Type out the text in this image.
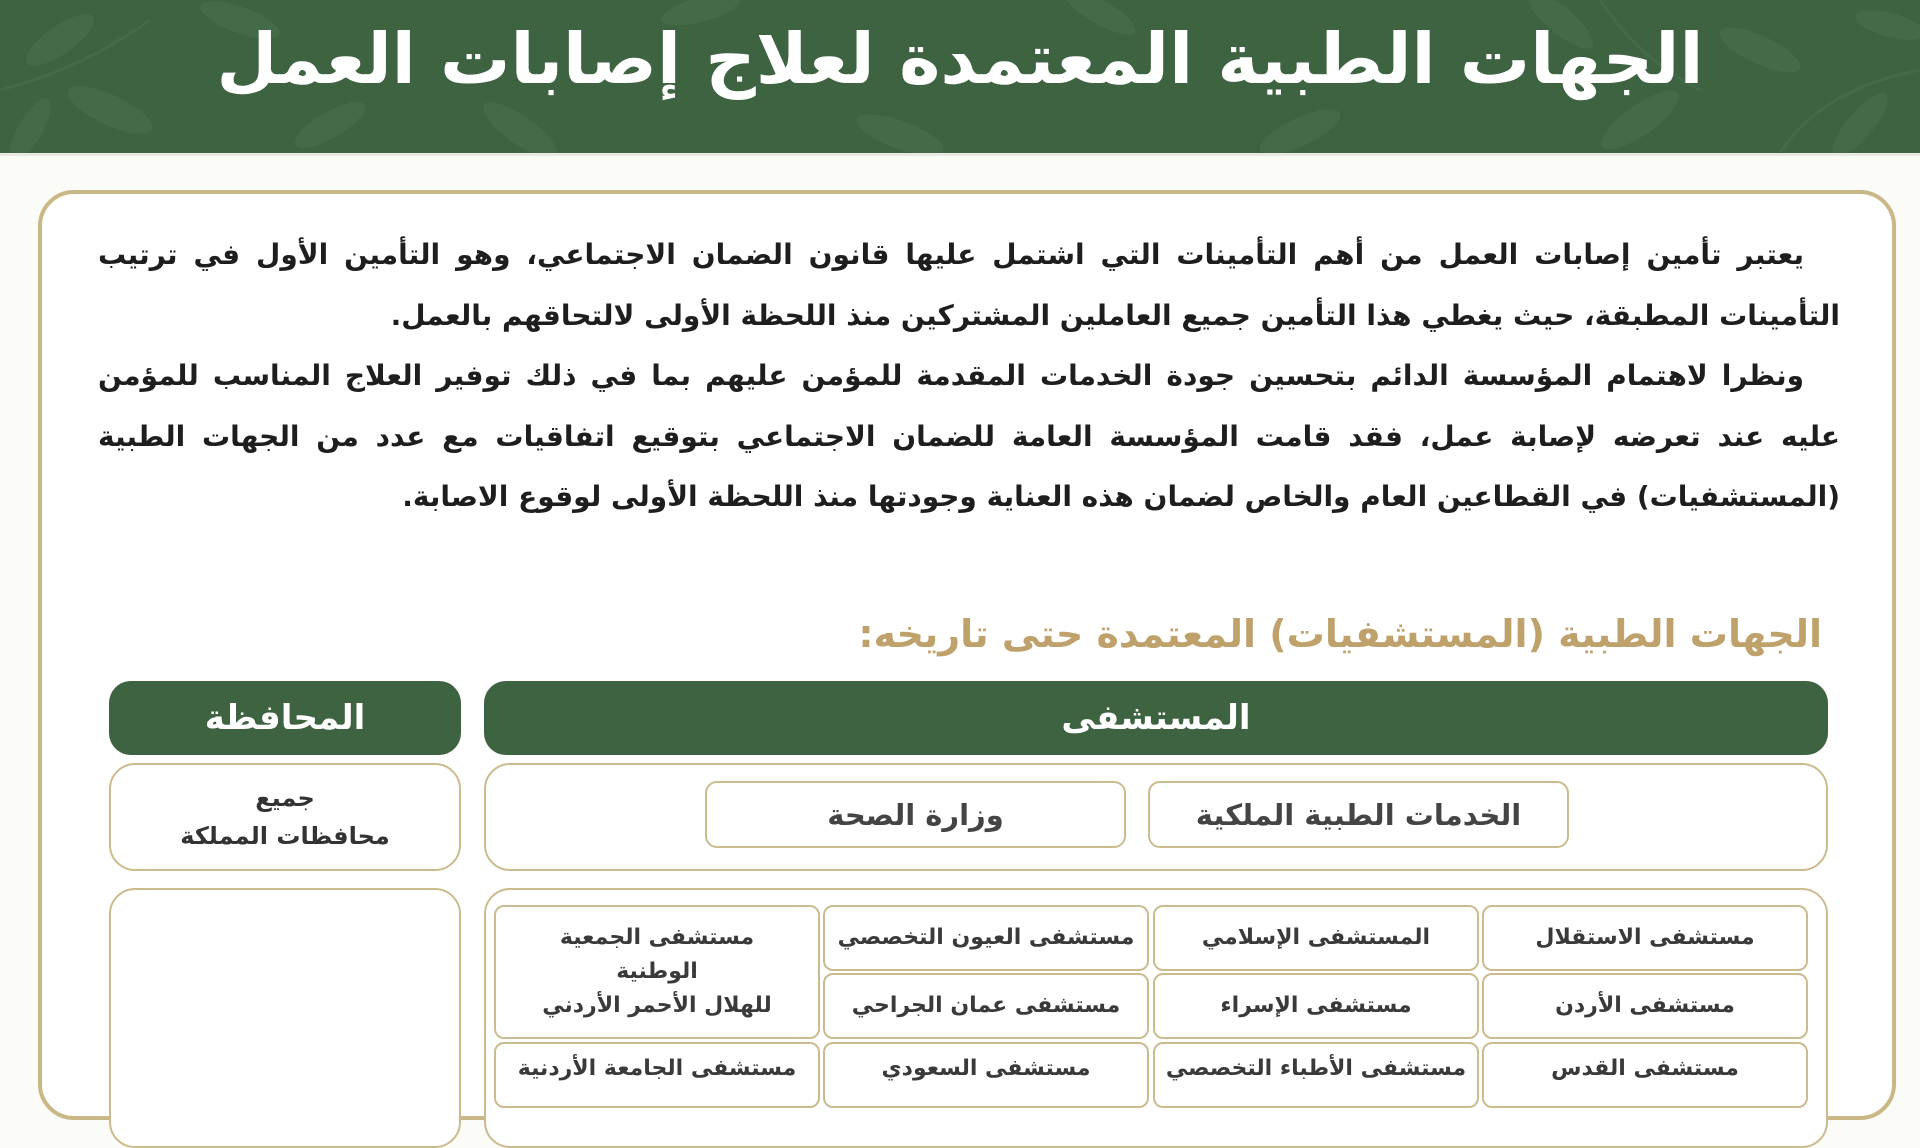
الجهات الطبية المعتمدة لعلاج إصابات العمل

يعتبر تأمين إصابات العمل من أهم التأمينات التي اشتمل عليها قانون الضمان الاجتماعي، وهو التأمين الأول في ترتيب التأمينات المطبقة، حيث يغطي هذا التأمين جميع العاملين المشتركين منذ اللحظة الأولى لالتحاقهم بالعمل.

ونظرا لاهتمام المؤسسة الدائم بتحسين جودة الخدمات المقدمة للمؤمن عليهم بما في ذلك توفير العلاج المناسب للمؤمن عليه عند تعرضه لإصابة عمل، فقد قامت المؤسسة العامة للضمان الاجتماعي بتوقيع اتفاقيات مع عدد من الجهات الطبية (المستشفيات) في القطاعين العام والخاص لضمان هذه العناية وجودتها منذ اللحظة الأولى لوقوع الاصابة.

الجهات الطبية (المستشفيات) المعتمدة حتى تاريخه:
المستشفى
المحافظة
جميع
محافظات المملكة
الخدمات الطبية الملكية
وزارة الصحة
مستشفى الاستقلال
المستشفى الإسلامي
مستشفى العيون التخصصي
مستشفى الجمعية
الوطنية
للهلال الأحمر الأردني	مستشفى الأردن
مستشفى الإسراء
مستشفى عمان الجراحي
مستشفى القدس
مستشفى الأطباء التخصصي
مستشفى السعودي
مستشفى الجامعة الأردنية
